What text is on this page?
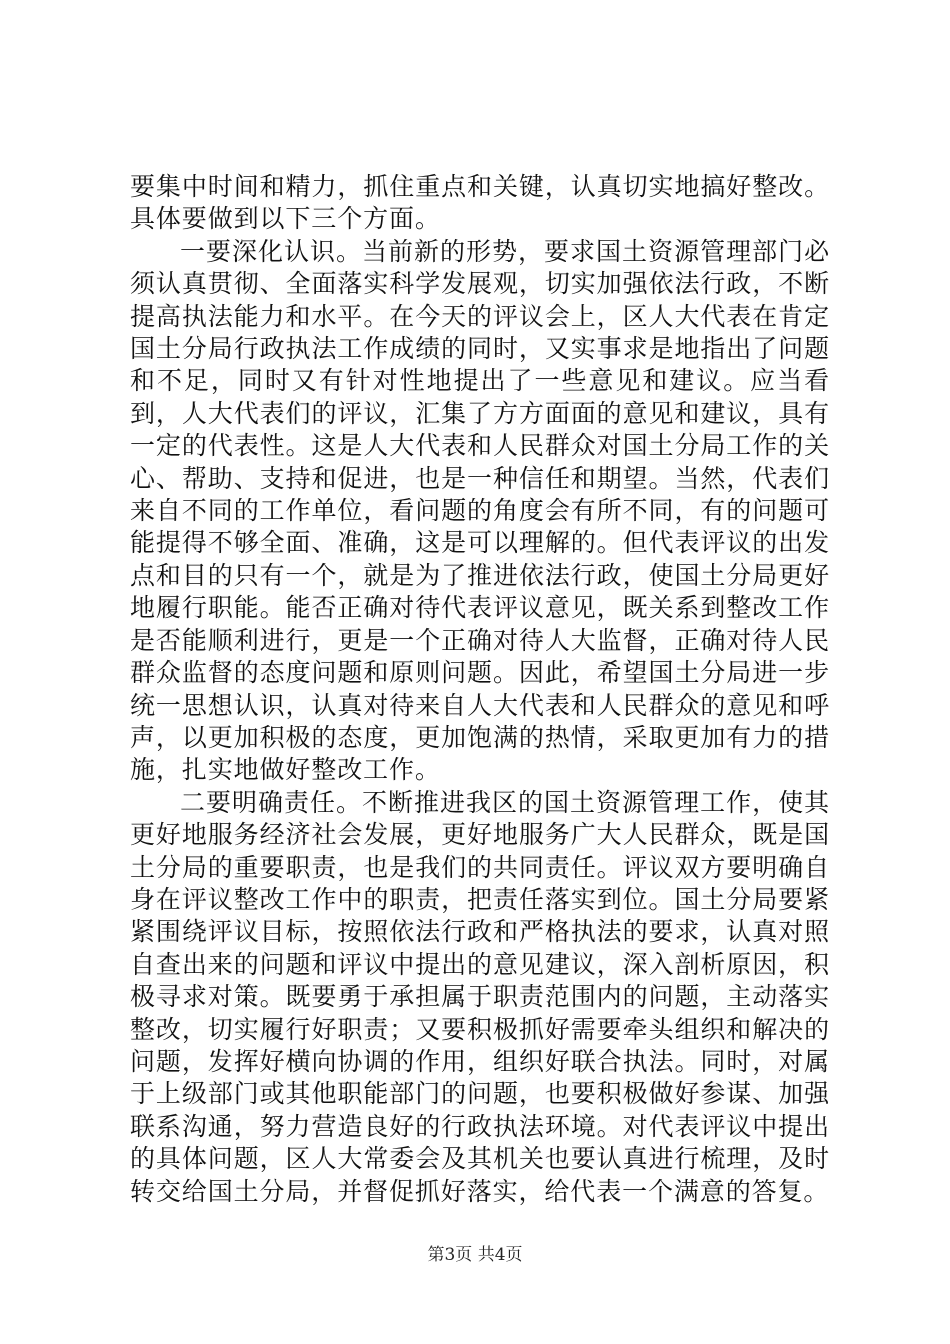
要集中时间和精力，抓住重点和关键，认真切实地搞好整改。具体要做到以下三个方面。

一要深化认识。当前新的形势，要求国土资源管理部门必须认真贯彻、全面落实科学发展观，切实加强依法行政，不断提高执法能力和水平。在今天的评议会上，区人大代表在肯定国土分局行政执法工作成绩的同时，又实事求是地指出了问题和不足，同时又有针对性地提出了一些意见和建议。应当看到，人大代表们的评议，汇集了方方面面的意见和建议，具有一定的代表性。这是人大代表和人民群众对国土分局工作的关心、帮助、支持和促进，也是一种信任和期望。当然，代表们来自不同的工作单位，看问题的角度会有所不同，有的问题可能提得不够全面、准确，这是可以理解的。但代表评议的出发点和目的只有一个，就是为了推进依法行政，使国土分局更好地履行职能。能否正确对待代表评议意见，既关系到整改工作是否能顺利进行，更是一个正确对待人大监督，正确对待人民群众监督的态度问题和原则问题。因此，希望国土分局进一步统一思想认识，认真对待来自人大代表和人民群众的意见和呼声，以更加积极的态度，更加饱满的热情，采取更加有力的措施，扎实地做好整改工作。

二要明确责任。不断推进我区的国土资源管理工作，使其更好地服务经济社会发展，更好地服务广大人民群众，既是国土分局的重要职责，也是我们的共同责任。评议双方要明确自身在评议整改工作中的职责，把责任落实到位。国土分局要紧紧围绕评议目标，按照依法行政和严格执法的要求，认真对照自查出来的问题和评议中提出的意见建议，深入剖析原因，积极寻求对策。既要勇于承担属于职责范围内的问题，主动落实整改，切实履行好职责；又要积极抓好需要牵头组织和解决的问题，发挥好横向协调的作用，组织好联合执法。同时，对属于上级部门或其他职能部门的问题，也要积极做好参谋、加强联系沟通，努力营造良好的行政执法环境。对代表评议中提出的具体问题，区人大常委会及其机关也要认真进行梳理，及时转交给国土分局，并督促抓好落实，给代表一个满意的答复。

第3页 共4页
